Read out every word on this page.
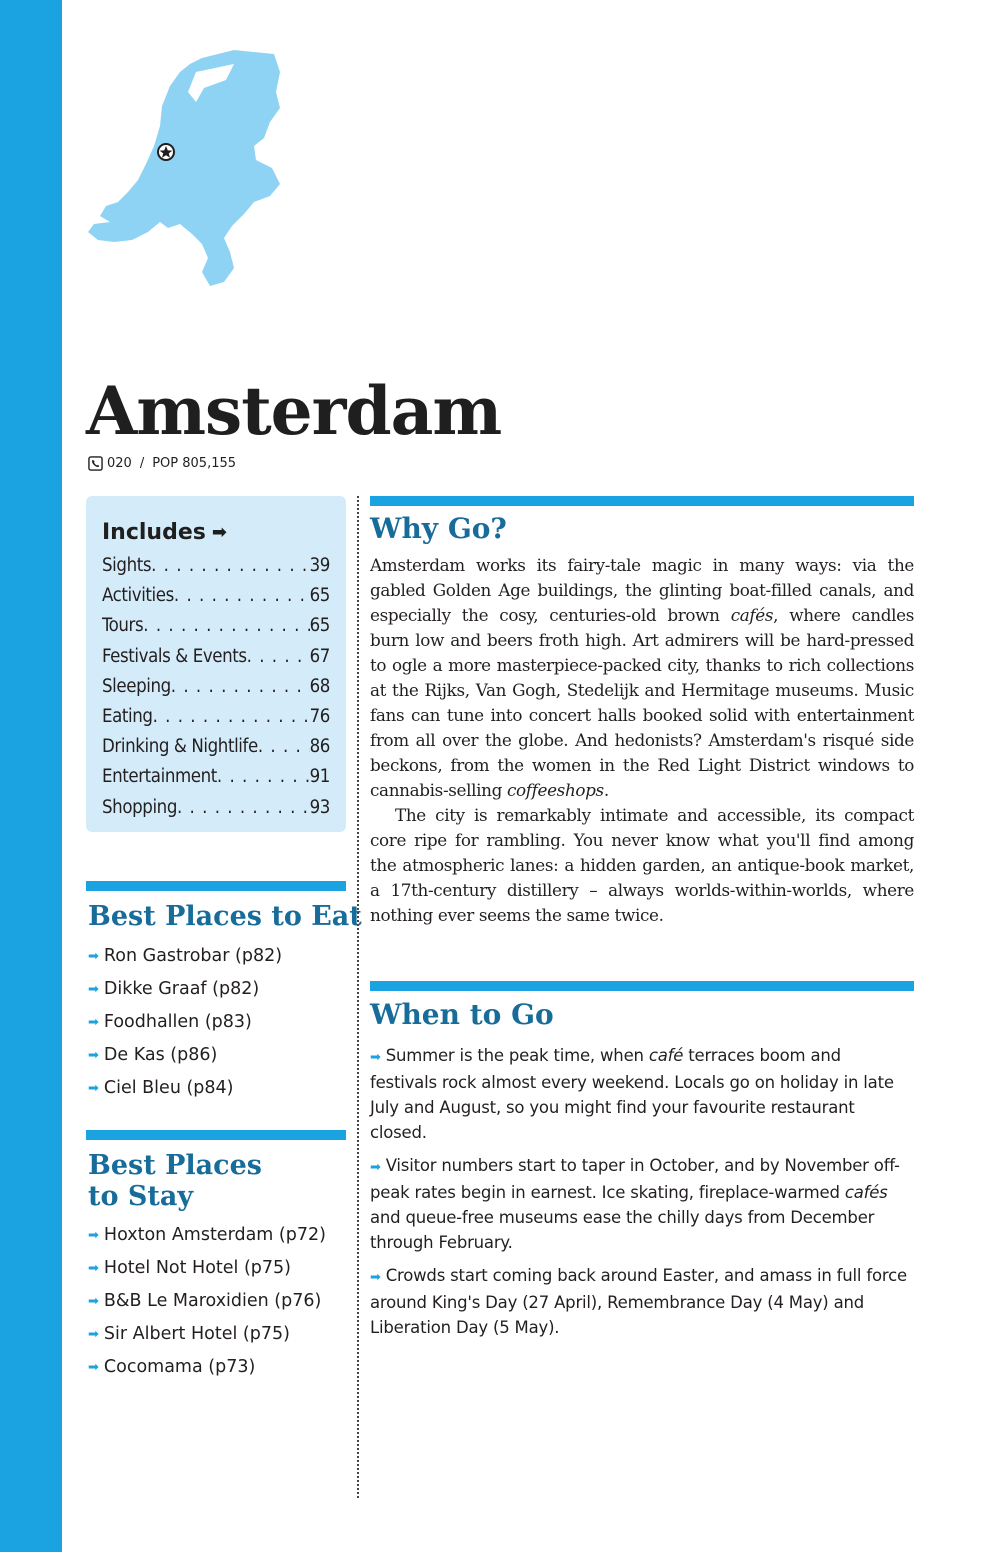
Amsterdam
020 / POP 805,155
Includes ➡
Sights . . .	39
Activities . . .	65
Tours . . .	65
Festivals & Events . . .	67
Sleeping . . .	68
Eating . . .	76
Drinking & Nightlife . . .	86
Entertainment . . .	91
Shopping . . .	93
Best Places to Eat
➡ Ron Gastrobar (p82)
➡ Dikke Graaf (p82)
➡ Foodhallen (p83)
➡ De Kas (p86)
➡ Ciel Bleu (p84)
Best Places
to Stay
➡ Hoxton Amsterdam (p72)
➡ Hotel Not Hotel (p75)
➡ B&B Le Maroxidien (p76)
➡ Sir Albert Hotel (p75)
➡ Cocomama (p73)
Why Go?

Amsterdam works its fairy-tale magic in many ways: via the gabled Golden Age buildings, the glinting boat-filled canals, and especially the cosy, centuries-old brown cafés, where candles burn low and beers froth high. Art admirers will be hard-pressed to ogle a more masterpiece-packed city, thanks to rich collections at the Rijks, Van Gogh, Stedelijk and Hermitage museums. Music fans can tune into concert halls booked solid with entertainment from all over the globe. And hedonists? Amsterdam's risqué side beckons, from the women in the Red Light District windows to cannabis-selling coffeeshops.

The city is remarkably intimate and accessible, its compact core ripe for rambling. You never know what you'll find among the atmospheric lanes: a hidden garden, an antique-book market, a 17th-century distillery – always worlds-within-worlds, where nothing ever seems the same twice.

When to Go

➡ Summer is the peak time, when café terraces boom and festivals rock almost every weekend. Locals go on holiday in late July and August, so you might find your favourite restaurant closed.

➡ Visitor numbers start to taper in October, and by November off-peak rates begin in earnest. Ice skating, fireplace-warmed cafés and queue-free museums ease the chilly days from December through February.

➡ Crowds start coming back around Easter, and amass in full force around King's Day (27 April), Remembrance Day (4 May) and Liberation Day (5 May).
